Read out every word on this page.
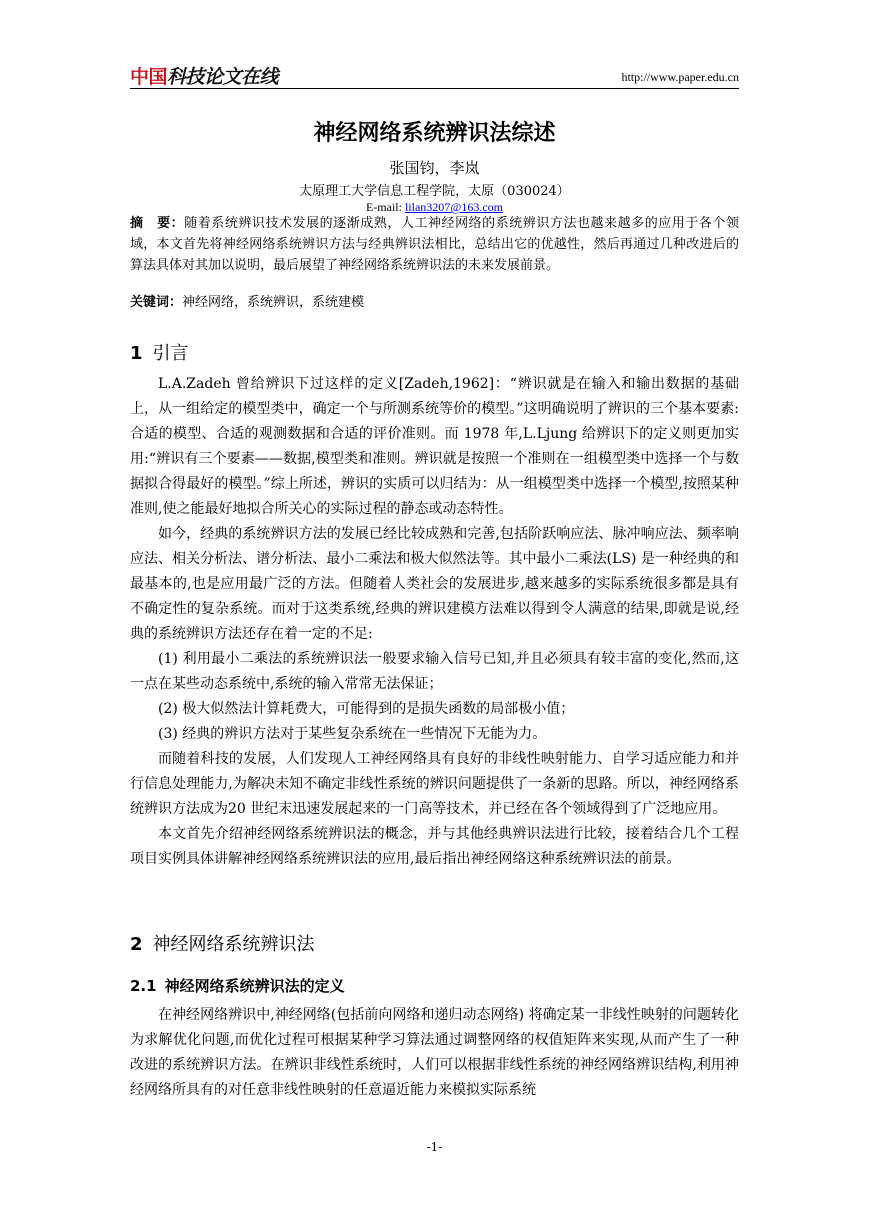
中国科技论文在线	http://www.paper.edu.cn
神经网络系统辨识法综述
张国钧，李岚
太原理工大学信息工程学院，太原（030024）
E-mail: lilan3207@163.com
摘　要：随着系统辨识技术发展的逐渐成熟，人工神经网络的系统辨识方法也越来越多的应用于各个领域，本文首先将神经网络系统辨识方法与经典辨识法相比，总结出它的优越性，然后再通过几种改进后的算法具体对其加以说明，最后展望了神经网络系统辨识法的未来发展前景。
关键词：神经网络，系统辨识，系统建模
1 引言

L.A.Zadeh 曾给辨识下过这样的定义[Zadeh,1962]：“辨识就是在输入和输出数据的基础上，从一组给定的模型类中，确定一个与所测系统等价的模型。”这明确说明了辨识的三个基本要素:合适的模型、合适的观测数据和合适的评价准则。而 1978 年,L.Ljung 给辨识下的定义则更加实用:“辨识有三个要素——数据,模型类和准则。辨识就是按照一个准则在一组模型类中选择一个与数据拟合得最好的模型。”综上所述，辨识的实质可以归结为：从一组模型类中选择一个模型,按照某种准则,使之能最好地拟合所关心的实际过程的静态或动态特性。

如今，经典的系统辨识方法的发展已经比较成熟和完善,包括阶跃响应法、脉冲响应法、频率响应法、相关分析法、谱分析法、最小二乘法和极大似然法等。其中最小二乘法(LS) 是一种经典的和最基本的,也是应用最广泛的方法。但随着人类社会的发展进步,越来越多的实际系统很多都是具有不确定性的复杂系统。而对于这类系统,经典的辨识建模方法难以得到令人满意的结果,即就是说,经典的系统辨识方法还存在着一定的不足:

(1) 利用最小二乘法的系统辨识法一般要求输入信号已知,并且必须具有较丰富的变化,然而,这一点在某些动态系统中,系统的输入常常无法保证；

(2) 极大似然法计算耗费大，可能得到的是损失函数的局部极小值；

(3) 经典的辨识方法对于某些复杂系统在一些情况下无能为力。

而随着科技的发展，人们发现人工神经网络具有良好的非线性映射能力、自学习适应能力和并行信息处理能力,为解决未知不确定非线性系统的辨识问题提供了一条新的思路。所以，神经网络系统辨识方法成为20 世纪末迅速发展起来的一门高等技术，并已经在各个领域得到了广泛地应用。

本文首先介绍神经网络系统辨识法的概念，并与其他经典辨识法进行比较，接着结合几个工程项目实例具体讲解神经网络系统辨识法的应用,最后指出神经网络这种系统辨识法的前景。

2 神经网络系统辨识法
2.1 神经网络系统辨识法的定义

在神经网络辨识中,神经网络(包括前向网络和递归动态网络) 将确定某一非线性映射的问题转化为求解优化问题,而优化过程可根据某种学习算法通过调整网络的权值矩阵来实现,从而产生了一种改进的系统辨识方法。在辨识非线性系统时，人们可以根据非线性系统的神经网络辨识结构,利用神经网络所具有的对任意非线性映射的任意逼近能力来模拟实际系统

-1-
